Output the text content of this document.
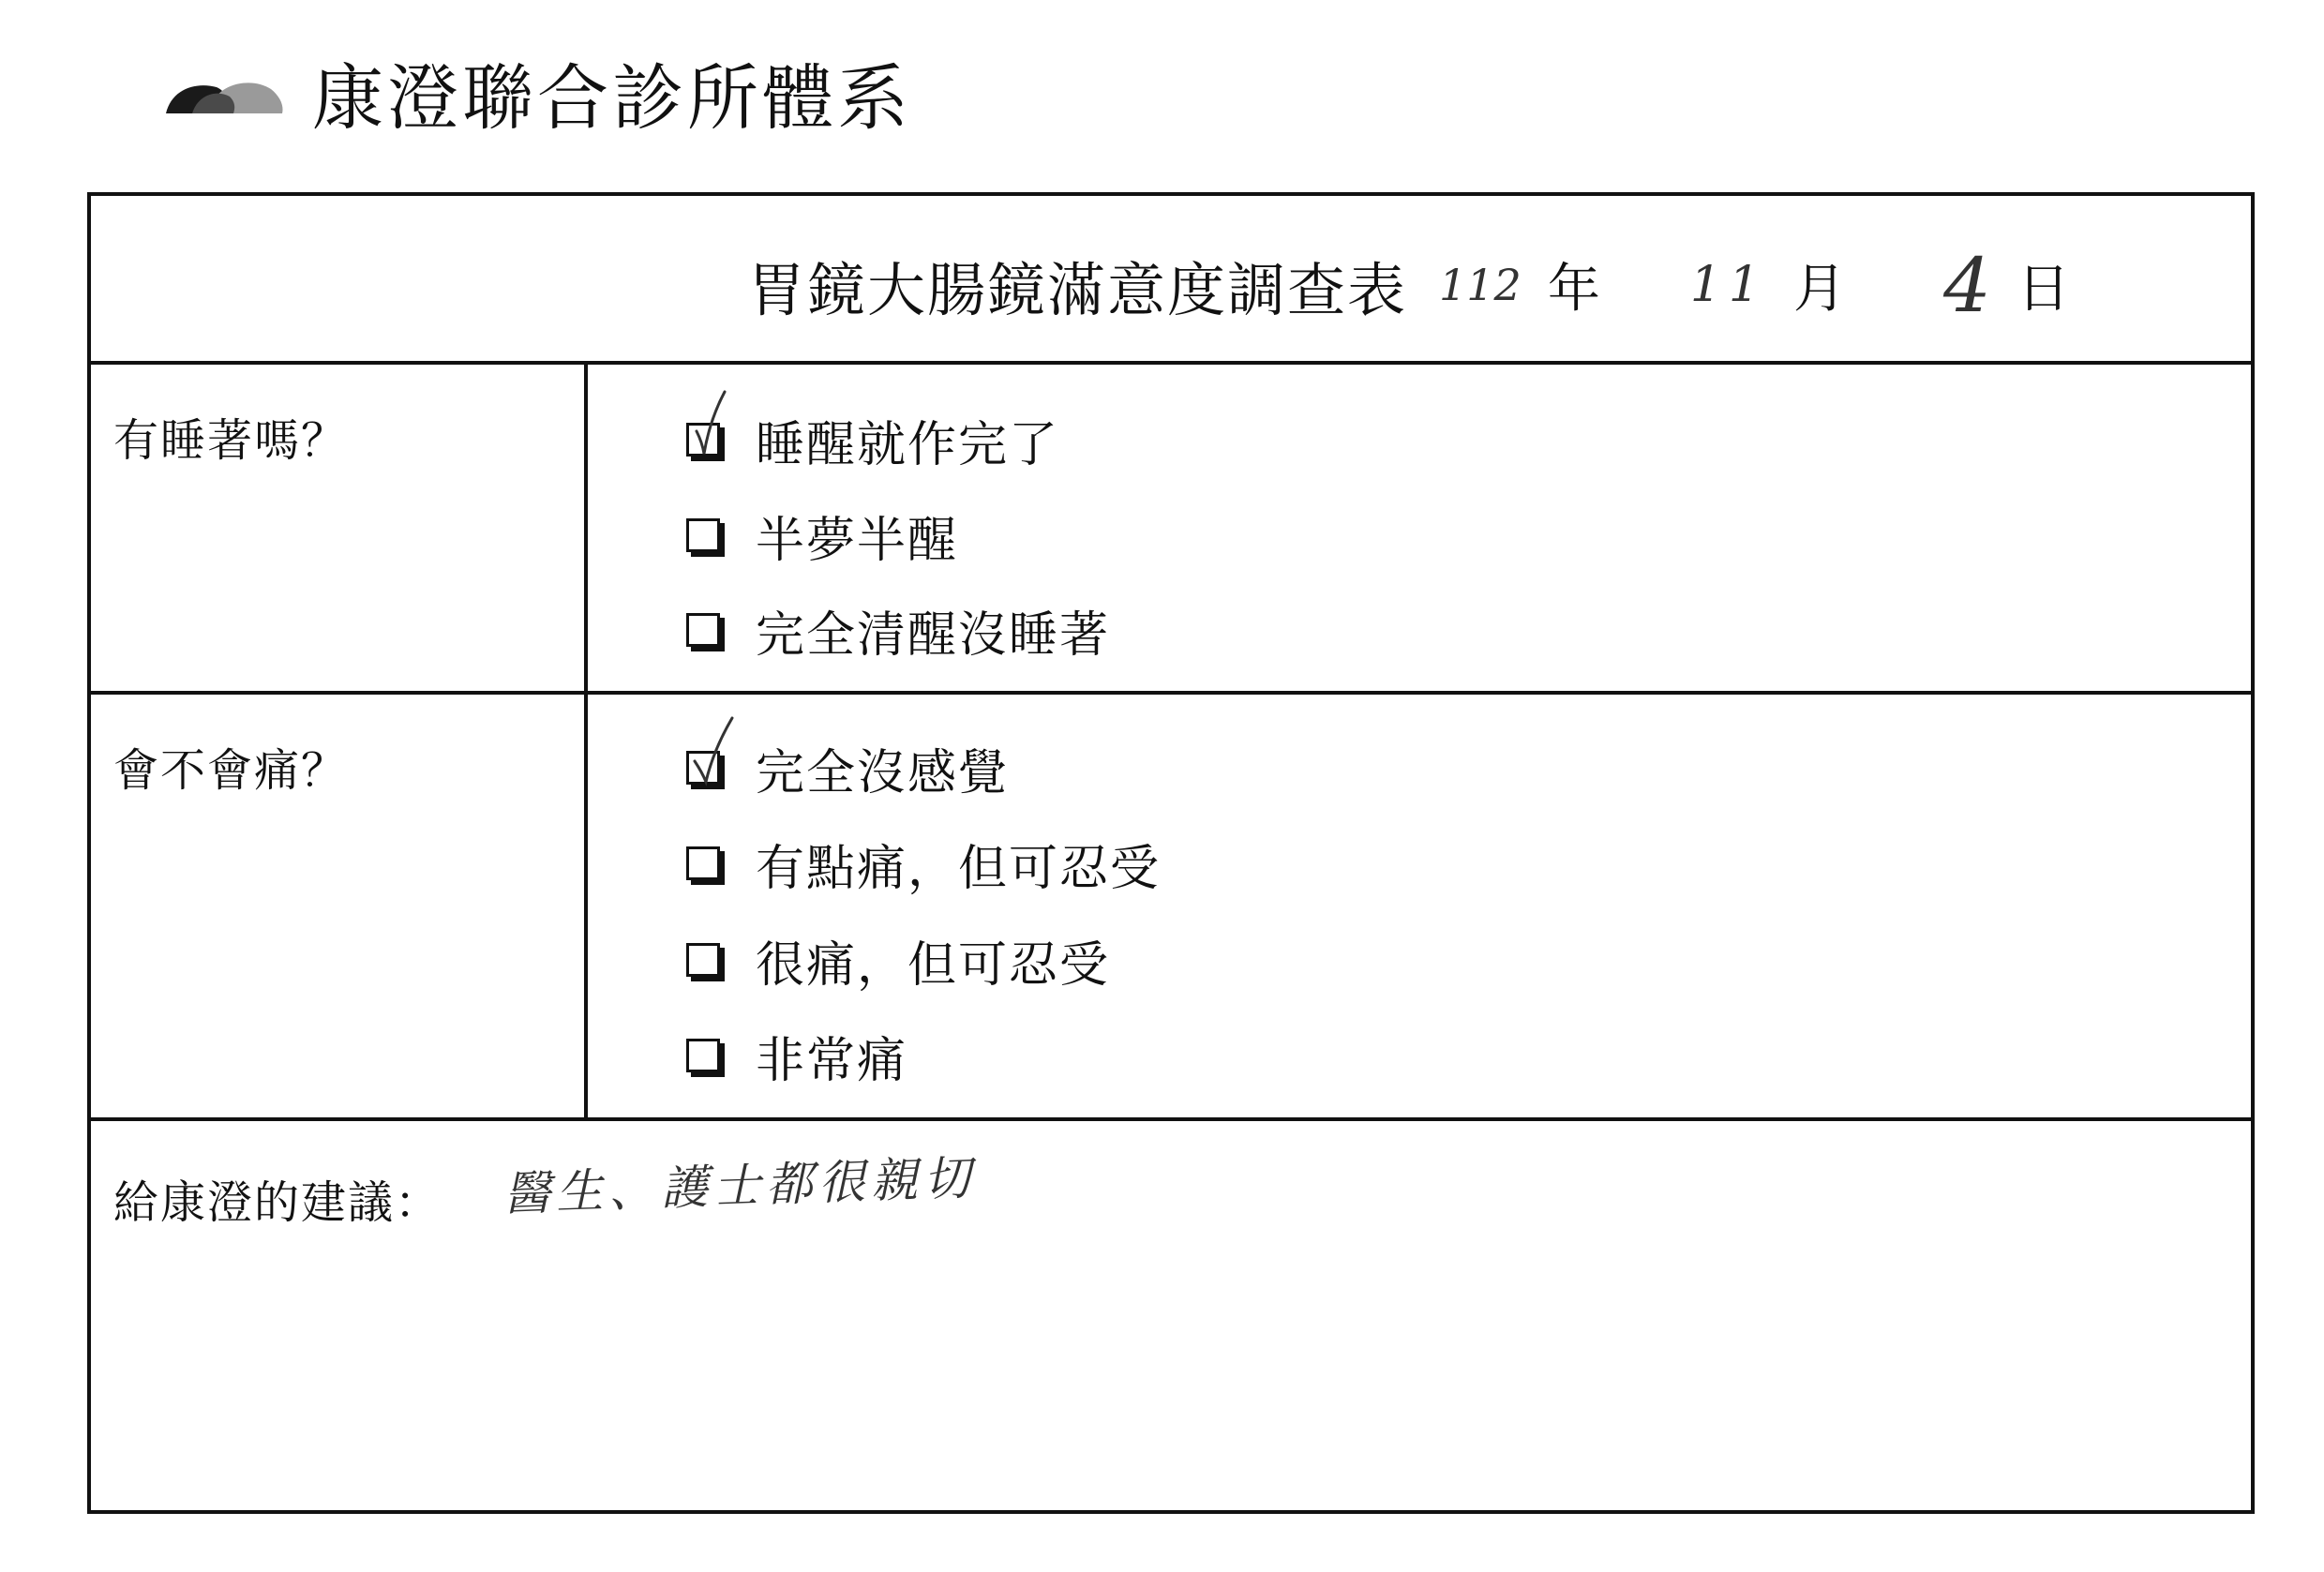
康澄聯合診所體系
胃鏡大腸鏡滿意度調查表 112 年 11 月 4 日
有睡著嗎？	睡醒就作完了
半夢半醒
完全清醒沒睡著
會不會痛？	完全沒感覺
有點痛，但可忍受
很痛，但可忍受
非常痛
給康澄的建議： 醫生、護士都很親切
